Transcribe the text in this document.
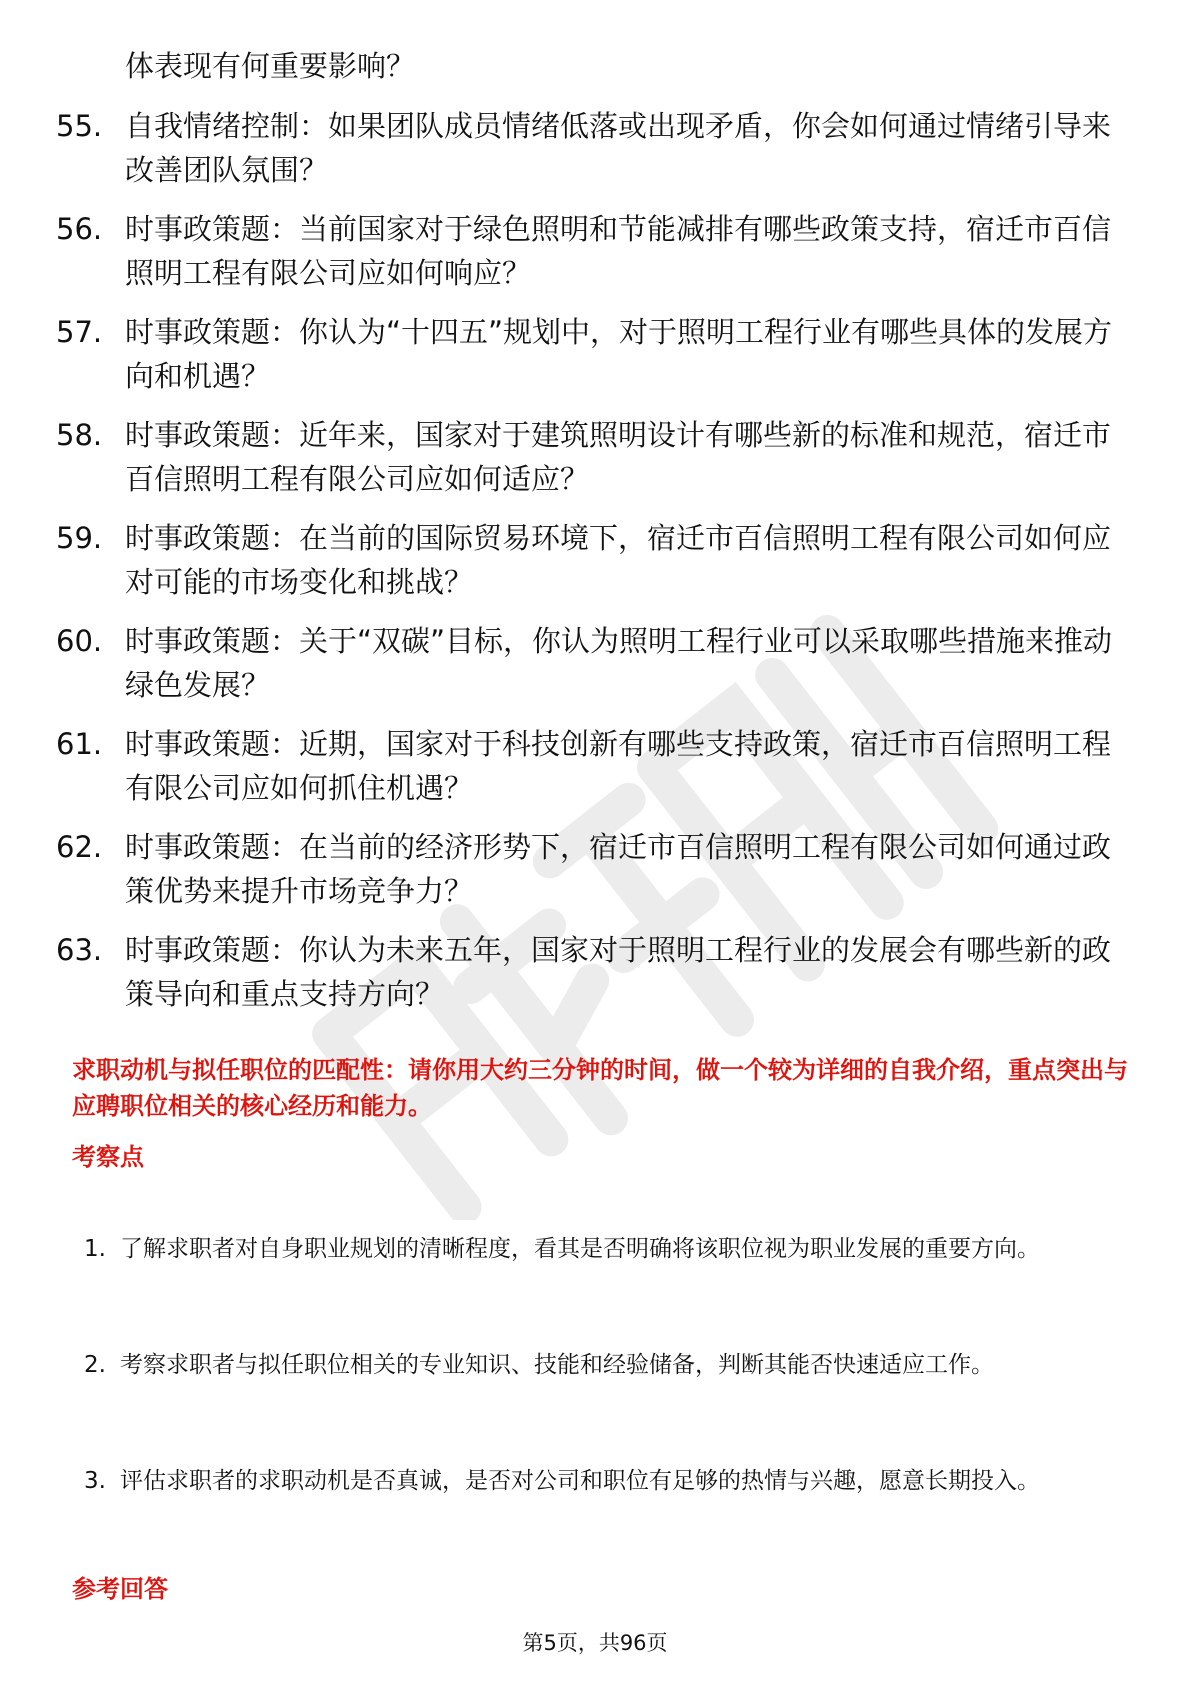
体表现有何重要影响？
55. 自我情绪控制：如果团队成员情绪低落或出现矛盾，你会如何通过情绪引导来改善团队氛围？
56. 时事政策题：当前国家对于绿色照明和节能减排有哪些政策支持，宿迁市百信照明工程有限公司应如何响应？
57. 时事政策题：你认为“十四五”规划中，对于照明工程行业有哪些具体的发展方向和机遇？
58. 时事政策题：近年来，国家对于建筑照明设计有哪些新的标准和规范，宿迁市百信照明工程有限公司应如何适应？
59. 时事政策题：在当前的国际贸易环境下，宿迁市百信照明工程有限公司如何应对可能的市场变化和挑战？
60. 时事政策题：关于“双碳”目标，你认为照明工程行业可以采取哪些措施来推动绿色发展？
61. 时事政策题：近期，国家对于科技创新有哪些支持政策，宿迁市百信照明工程有限公司应如何抓住机遇？
62. 时事政策题：在当前的经济形势下，宿迁市百信照明工程有限公司如何通过政策优势来提升市场竞争力？
63. 时事政策题：你认为未来五年，国家对于照明工程行业的发展会有哪些新的政策导向和重点支持方向？
求职动机与拟任职位的匹配性：请你用大约三分钟的时间，做一个较为详细的自我介绍，重点突出与应聘职位相关的核心经历和能力。
考察点
1. 了解求职者对自身职业规划的清晰程度，看其是否明确将该职位视为职业发展的重要方向。
2. 考察求职者与拟任职位相关的专业知识、技能和经验储备，判断其能否快速适应工作。
3. 评估求职者的求职动机是否真诚，是否对公司和职位有足够的热情与兴趣，愿意长期投入。
参考回答
第5页，共96页
